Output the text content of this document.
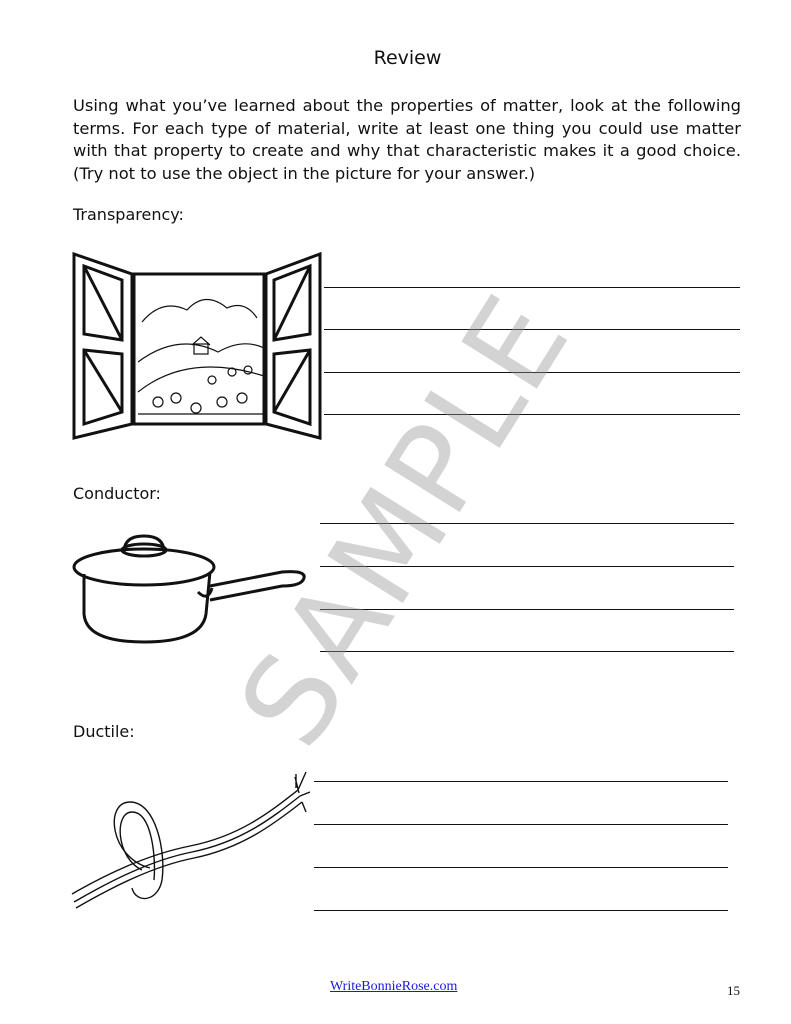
Review

Using what you’ve learned about the properties of matter, look at the following terms. For each type of material, write at least one thing you could use matter with that property to create and why that characteristic makes it a good choice. (Try not to use the object in the picture for your answer.)

Transparency:

Conductor:

Ductile: SAMPLE
WriteBonnieRose.com	15
